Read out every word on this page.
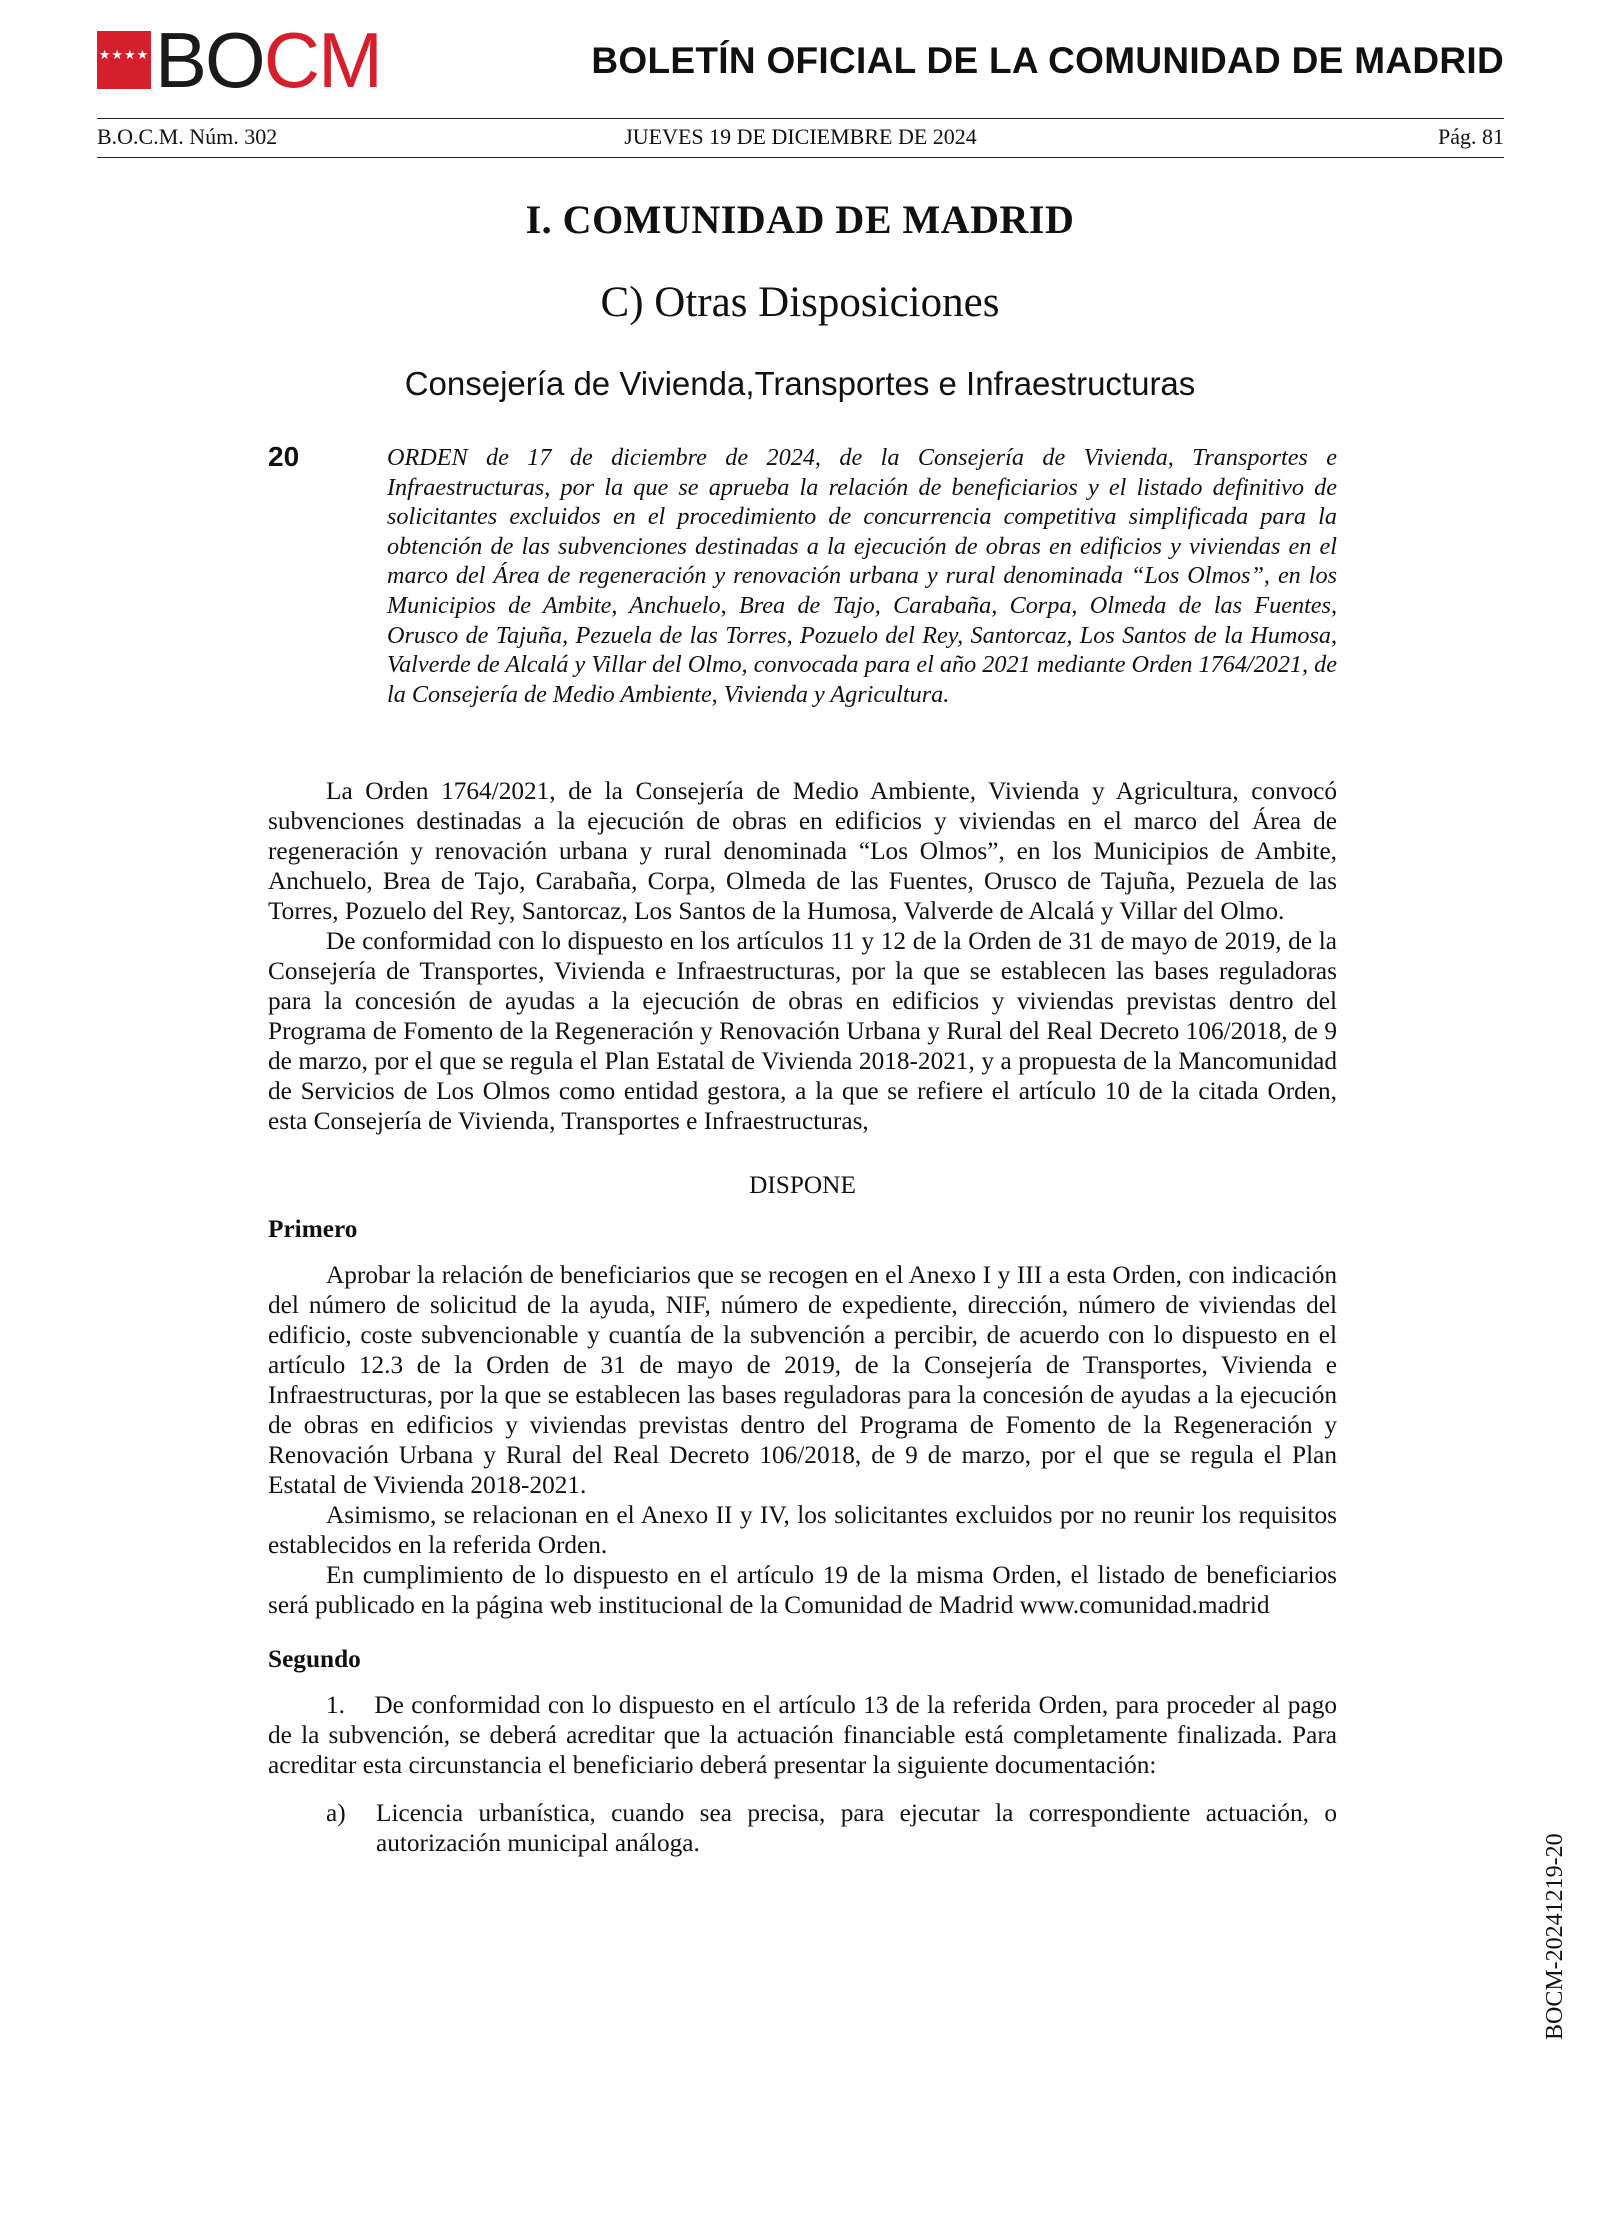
★★★★ BOCM	BOLETÍN OFICIAL DE LA COMUNIDAD DE MADRID
B.O.C.M. Núm. 302	JUEVES 19 DE DICIEMBRE DE 2024	Pág. 81
I. COMUNIDAD DE MADRID
C) Otras Disposiciones
Consejería de Vivienda,Transportes e Infraestructuras
20	ORDEN de 17 de diciembre de 2024, de la Consejería de Vivienda, Transportes e Infraestructuras, por la que se aprueba la relación de beneficiarios y el listado definitivo de solicitantes excluidos en el procedimiento de concurrencia competitiva simplificada para la obtención de las subvenciones destinadas a la ejecución de obras en edificios y viviendas en el marco del Área de regeneración y renovación urbana y rural denominada “Los Olmos”, en los Municipios de Ambite, Anchuelo, Brea de Tajo, Carabaña, Corpa, Olmeda de las Fuentes, Orusco de Tajuña, Pezuela de las Torres, Pozuelo del Rey, Santorcaz, Los Santos de la Humosa, Valverde de Alcalá y Villar del Olmo, convocada para el año 2021 mediante Orden 1764/2021, de la Consejería de Medio Ambiente, Vivienda y Agricultura.

La Orden 1764/2021, de la Consejería de Medio Ambiente, Vivienda y Agricultura, convocó subvenciones destinadas a la ejecución de obras en edificios y viviendas en el marco del Área de regeneración y renovación urbana y rural denominada “Los Olmos”, en los Municipios de Ambite, Anchuelo, Brea de Tajo, Carabaña, Corpa, Olmeda de las Fuentes, Orusco de Tajuña, Pezuela de las Torres, Pozuelo del Rey, Santorcaz, Los Santos de la Humosa, Valverde de Alcalá y Villar del Olmo.

De conformidad con lo dispuesto en los artículos 11 y 12 de la Orden de 31 de mayo de 2019, de la Consejería de Transportes, Vivienda e Infraestructuras, por la que se establecen las bases reguladoras para la concesión de ayudas a la ejecución de obras en edificios y viviendas previstas dentro del Programa de Fomento de la Regeneración y Renovación Urbana y Rural del Real Decreto 106/2018, de 9 de marzo, por el que se regula el Plan Estatal de Vivienda 2018-2021, y a propuesta de la Mancomunidad de Servicios de Los Olmos como entidad gestora, a la que se refiere el artículo 10 de la citada Orden, esta Consejería de Vivienda, Transportes e Infraestructuras,

DISPONE

Primero

Aprobar la relación de beneficiarios que se recogen en el Anexo I y III a esta Orden, con indicación del número de solicitud de la ayuda, NIF, número de expediente, dirección, número de viviendas del edificio, coste subvencionable y cuantía de la subvención a percibir, de acuerdo con lo dispuesto en el artículo 12.3 de la Orden de 31 de mayo de 2019, de la Consejería de Transportes, Vivienda e Infraestructuras, por la que se establecen las bases reguladoras para la concesión de ayudas a la ejecución de obras en edificios y viviendas previstas dentro del Programa de Fomento de la Regeneración y Renovación Urbana y Rural del Real Decreto 106/2018, de 9 de marzo, por el que se regula el Plan Estatal de Vivienda 2018-2021.

Asimismo, se relacionan en el Anexo II y IV, los solicitantes excluidos por no reunir los requisitos establecidos en la referida Orden.

En cumplimiento de lo dispuesto en el artículo 19 de la misma Orden, el listado de beneficiarios será publicado en la página web institucional de la Comunidad de Madrid www.comunidad.madrid

Segundo

1.    De conformidad con lo dispuesto en el artículo 13 de la referida Orden, para proceder al pago de la subvención, se deberá acreditar que la actuación financiable está completamente finalizada. Para acreditar esta circunstancia el beneficiario deberá presentar la siguiente documentación:

a)	Licencia urbanística, cuando sea precisa, para ejecutar la correspondiente actuación, o autorización municipal análoga.	BOCM-20241219-20
